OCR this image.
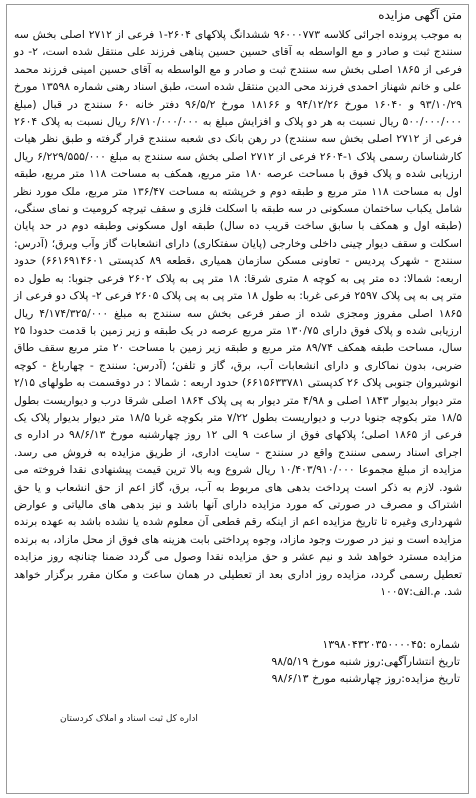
متن آگهی مزایده

به موجب پرونده اجرائی کلاسه ۹۶۰۰۰۷۷۳ ششدانگ پلاکهای ۲۶۰۴-۱ فرعی از ۲۷۱۲ اصلی بخش سه سنندج ثبت و صادر و مع الواسطه به آقای حسین حسین پناهی فرزند علی منتقل شده است، ۲- دو فرعی از ۱۸۶۵ اصلی بخش سه سنندج ثبت و صادر و مع الواسطه به آقای حسین امینی فرزند محمد علی و خانم شهناز احمدی فرزند محی الدین منتقل شده است، طبق اسناد رهنی شماره ۱۳۵۹۸ مورخ ۹۳/۱۰/۲۹ و ۱۶۰۴۰ مورخ ۹۴/۱۲/۲۶ و ۱۸۱۶۶ مورخ ۹۶/۵/۲ دفتر خانه ۶۰ سنندج در قبال (مبلغ ۵۰۰/۰۰۰/۰۰۰ ریال نسبت به هر دو پلاک و افزایش مبلغ به ۶/۷۱۰/۰۰۰/۰۰۰ ریال نسبت به پلاک ۲۶۰۴ فرعی از ۲۷۱۲ اصلی بخش سه سنندج) در رهن بانک دی شعبه سنندج قرار گرفته و طبق نظر هیات کارشناسان رسمی پلاک ۱-۲۶۰۴ فرعی از ۲۷۱۲ اصلی بخش سه سنندج به مبلغ ۶/۲۲۹/۵۵۵/۰۰۰ ریال ارزیابی شده و پلاک فوق با مساحت عرصه ۱۸۰ متر مربع، همکف به مساحت ۱۱۸ متر مربع، طبقه اول به مساحت ۱۱۸ متر مربع و طبقه دوم و خرپشته به مساحت ۱۳۶/۴۷ متر مربع، ملک مورد نظر شامل یکباب ساختمان مسکونی در سه طبقه با اسکلت فلزی و سقف تیرچه کرومیت و نمای سنگی، (طبقه اول و همکف با سابق ساخت قریب ده سال) طبقه اول مسکونی وطبقه دوم در حد پایان اسکلت و سقف دیوار چینی داخلی وخارجی (پایان سفتکاری) دارای انشعابات گاز وآب وبرق؛ (آدرس: سنندج - شهرک پردیس - تعاونی مسکن سازمان همیاری ،قطعه ۸۹ کدپستی ۶۶۱۶۹۱۴۶۰۱) حدود اربعه: شمالا: ده متر پی به کوچه ۸ متری شرقا: ۱۸ متر پی به پلاک ۲۶۰۲ فرعی جنوبا: به طول ده متر پی به پی پلاک ۲۵۹۷ فرعی غربا: به طول ۱۸ متر پی به پی پلاک ۲۶۰۵ فرعی ۲- پلاک دو فرعی از ۱۸۶۵ اصلی مفروز ومجزی شده از صفر فرعی بخش سه سنندج به مبلغ ۴/۱۷۴/۳۲۵/۰۰۰ ریال ارزیابی شده و پلاک فوق دارای ۱۳۰/۷۵ متر مربع عرصه در یک طبقه و زیر زمین با قدمت حدودا ۲۵ سال، مساحت طبقه همکف ۸۹/۷۴ متر مربع و طبقه زیر زمین با مساحت ۲۰ متر مربع سقف طاق ضربی، بدون نماکاری و دارای انشعابات آب، برق، گاز و تلفن؛ (آدرس: سنندج - چهارباغ - کوچه انوشیروان جنوبی پلاک ۲۶ کدپستی ۶۶۱۵۶۳۳۷۸۱) حدود اربعه : شمالا : در دوقسمت به طولهای ۲/۱۵ متر دیوار بدیوار ۱۸۴۳ اصلی و ۴/۹۸ متر دیوار به پی پلاک ۱۸۶۴ اصلی شرقا درب و دیواریست بطول ۱۸/۵ متر بکوچه جنوبا درب و دیواریست بطول ۷/۲۲ متر بکوچه غربا ۱۸/۵ متر دیوار بدیوار پلاک یک فرعی از ۱۸۶۵ اصلی؛ پلاکهای فوق از ساعت ۹ الی ۱۲ روز چهارشنبه مورخ ۹۸/۶/۱۳ در اداره ی اجرای اسناد رسمی سنندج واقع در سنندج - سایت اداری، از طریق مزایده به فروش می رسد. مزایده از مبلغ مجموعا ۱۰/۴۰۳/۹۱۰/۰۰۰ ریال شروع وبه بالا ترین قیمت پیشنهادی نقدا فروخته می شود. لازم به ذکر است پرداخت بدهی های مربوط به آب، برق، گاز اعم از حق انشعاب و یا حق اشتراک و مصرف در صورتی که مورد مزایده دارای آنها باشد و نیز بدهی های مالیاتی و عوارض شهرداری وغیره تا تاریخ مزایده اعم از اینکه رقم قطعی آن معلوم شده یا نشده باشد به عهده برنده مزایده است و نیز در صورت وجود مازاد، وجوه پرداختی بابت هزینه های فوق از محل مازاد، به برنده مزایده مسترد خواهد شد و نیم عشر و حق مزایده نقدا وصول می گردد ضمنا چنانچه روز مزایده تعطیل رسمی گردد، مزایده روز اداری بعد از تعطیلی در همان ساعت و مکان مقرر برگزار خواهد شد. م.الف:۱۰۰۵۷

شماره :۱۳۹۸۰۴۳۲۰۳۵۰۰۰۰۴۵
تاریخ انتشارآگهی:روز شنبه مورخ ۹۸/۵/۱۹
تاریخ مزایده:روز چهارشنبه مورخ ۹۸/۶/۱۳
اداره کل ثبت اسناد و املاک کردستان
